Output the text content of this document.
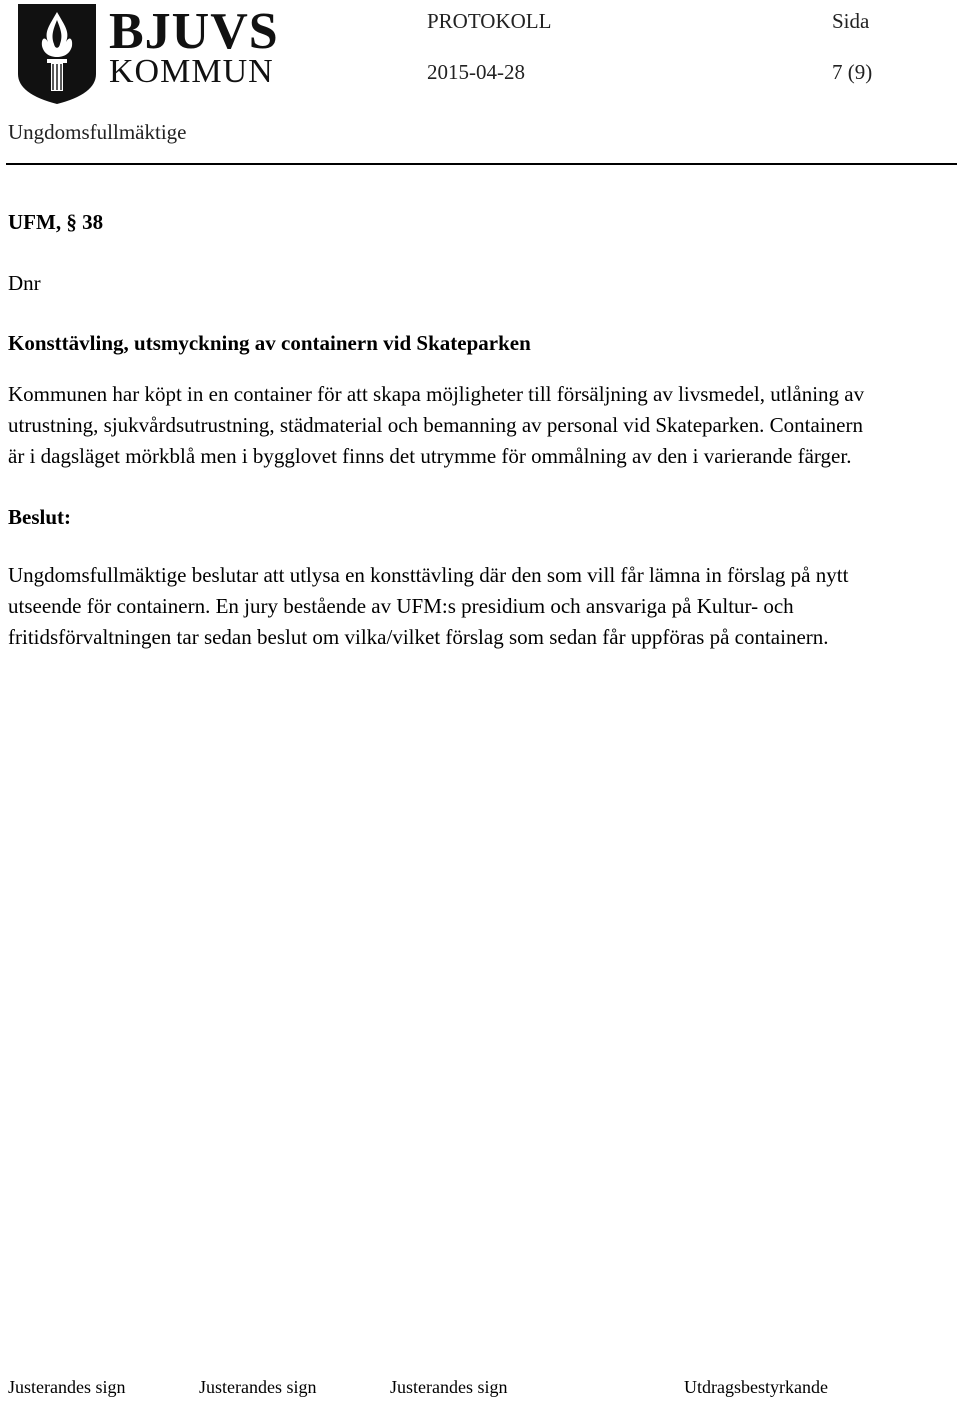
BJUVS
KOMMUN
PROTOKOLL	Sida
2015-04-28	7 (9)
Ungdomsfullmäktige
UFM, § 38
Dnr
Konsttävling, utsmyckning av containern vid Skateparken
Kommunen har köpt in en container för att skapa möjligheter till försäljning av livsmedel, utlåning av
utrustning, sjukvårdsutrustning, städmaterial och bemanning av personal vid Skateparken. Containern
är i dagsläget mörkblå men i bygglovet finns det utrymme för ommålning av den i varierande färger.
Beslut:
Ungdomsfullmäktige beslutar att utlysa en konsttävling där den som vill får lämna in förslag på nytt
utseende för containern. En jury bestående av UFM:s presidium och ansvariga på Kultur- och
fritidsförvaltningen tar sedan beslut om vilka/vilket förslag som sedan får uppföras på containern.
Justerandes sign	Justerandes sign	Justerandes sign	Utdragsbestyrkande
